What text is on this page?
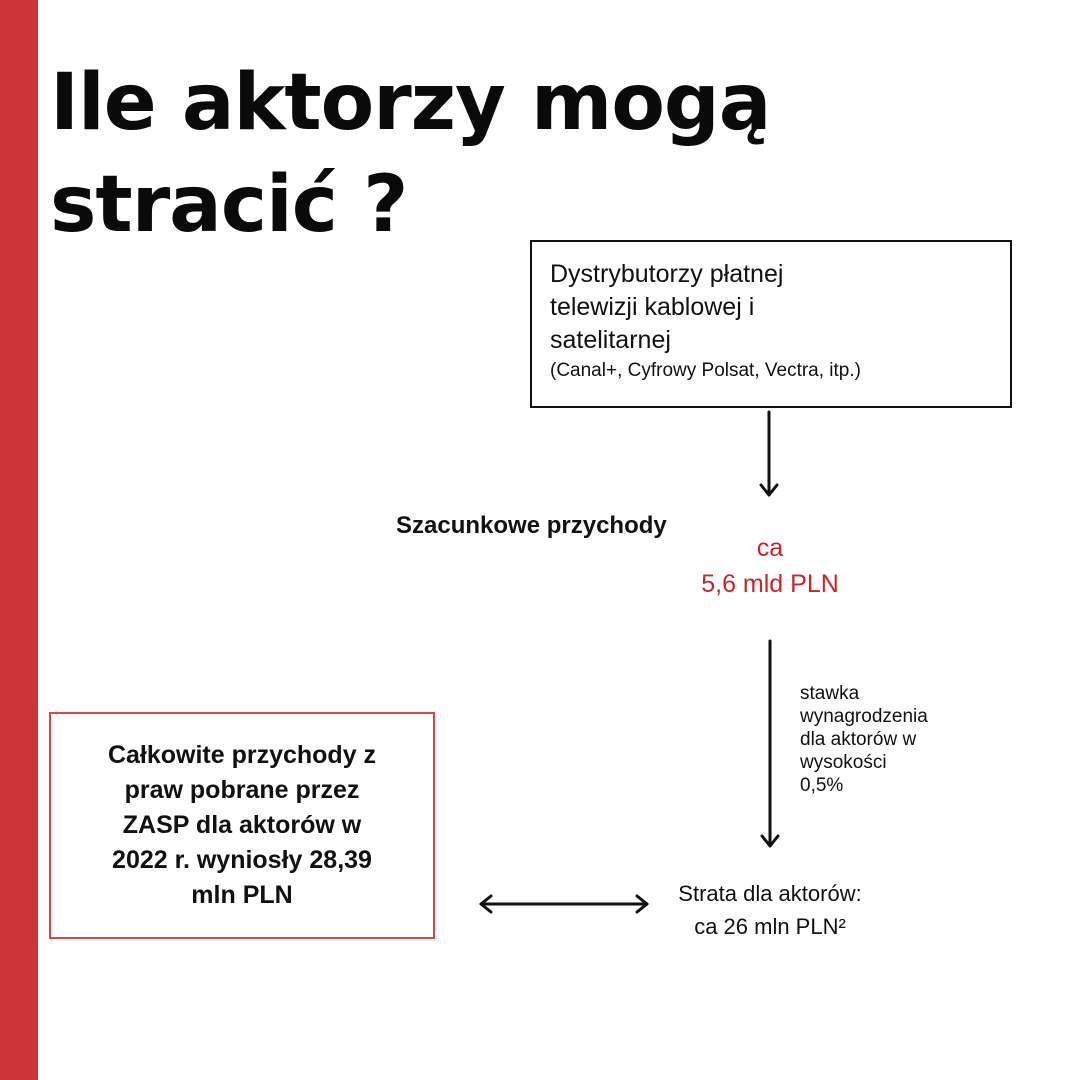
Ile aktorzy mogą stracić ?

Dystrybutorzy płatnej
telewizji kablowej i
satelitarnej

(Canal+, Cyfrowy Polsat, Vectra, itp.)

Szacunkowe przychody
ca
5,6 mld PLN
stawka
wynagrodzenia
dla aktorów w
wysokości
0,5%

Całkowite przychody z
praw pobrane przez
ZASP dla aktorów w
2022 r. wyniosły 28,39
mln PLN	Strata dla aktorów:
ca 26 mln PLN²
